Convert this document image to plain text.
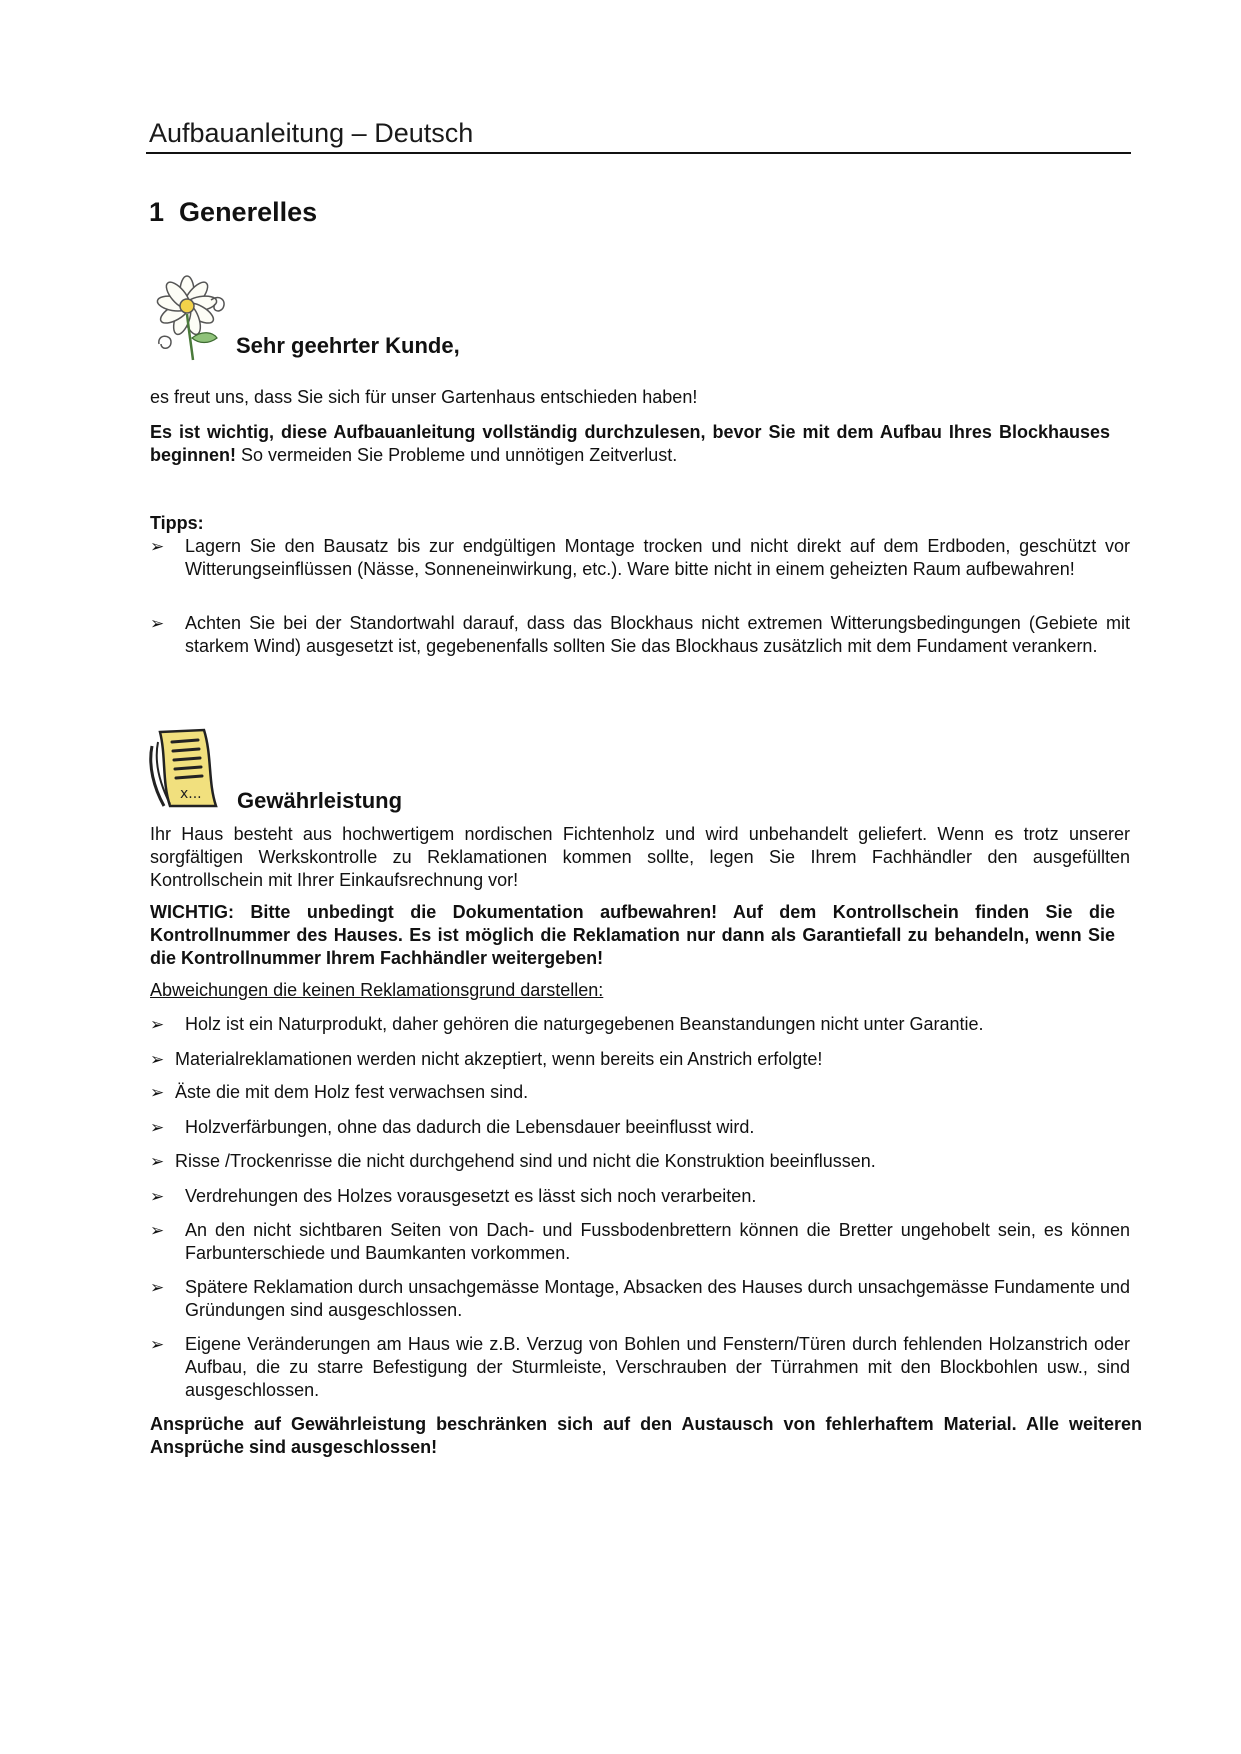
Aufbauanleitung – Deutsch
1 Generelles
Sehr geehrter Kunde,
es freut uns, dass Sie sich für unser Gartenhaus entschieden haben!
Es ist wichtig, diese Aufbauanleitung vollständig durchzulesen, bevor Sie mit dem Aufbau Ihres Blockhauses beginnen! So vermeiden Sie Probleme und unnötigen Zeitverlust.
Tipps:
➢ Lagern Sie den Bausatz bis zur endgültigen Montage trocken und nicht direkt auf dem Erdboden, geschützt vor Witterungseinflüssen (Nässe, Sonneneinwirkung, etc.). Ware bitte nicht in einem geheizten Raum aufbewahren!
➢ Achten Sie bei der Standortwahl darauf, dass das Blockhaus nicht extremen Witterungsbedingungen (Gebiete mit starkem Wind) ausgesetzt ist, gegebenenfalls sollten Sie das Blockhaus zusätzlich mit dem Fundament verankern.
x... Gewährleistung
Ihr Haus besteht aus hochwertigem nordischen Fichtenholz und wird unbehandelt geliefert. Wenn es trotz unserer sorgfältigen Werkskontrolle zu Reklamationen kommen sollte, legen Sie Ihrem Fachhändler den ausgefüllten Kontrollschein mit Ihrer Einkaufsrechnung vor!
WICHTIG: Bitte unbedingt die Dokumentation aufbewahren! Auf dem Kontrollschein finden Sie die Kontrollnummer des Hauses. Es ist möglich die Reklamation nur dann als Garantiefall zu behandeln, wenn Sie die Kontrollnummer Ihrem Fachhändler weitergeben!
Abweichungen die keinen Reklamationsgrund darstellen:
➢ Holz ist ein Naturprodukt, daher gehören die naturgegebenen Beanstandungen nicht unter Garantie.
➢ Materialreklamationen werden nicht akzeptiert, wenn bereits ein Anstrich erfolgte!
➢ Äste die mit dem Holz fest verwachsen sind.
➢ Holzverfärbungen, ohne das dadurch die Lebensdauer beeinflusst wird.
➢ Risse /Trockenrisse die nicht durchgehend sind und nicht die Konstruktion beeinflussen.
➢ Verdrehungen des Holzes vorausgesetzt es lässt sich noch verarbeiten.
➢ An den nicht sichtbaren Seiten von Dach- und Fussbodenbrettern können die Bretter ungehobelt sein, es können Farbunterschiede und Baumkanten vorkommen.
➢ Spätere Reklamation durch unsachgemässe Montage, Absacken des Hauses durch unsachgemässe Fundamente und Gründungen sind ausgeschlossen.
➢ Eigene Veränderungen am Haus wie z.B. Verzug von Bohlen und Fenstern/Türen durch fehlenden Holzanstrich oder Aufbau, die zu starre Befestigung der Sturmleiste, Verschrauben der Türrahmen mit den Blockbohlen usw., sind ausgeschlossen.
Ansprüche auf Gewährleistung beschränken sich auf den Austausch von fehlerhaftem Material. Alle weiteren Ansprüche sind ausgeschlossen!
